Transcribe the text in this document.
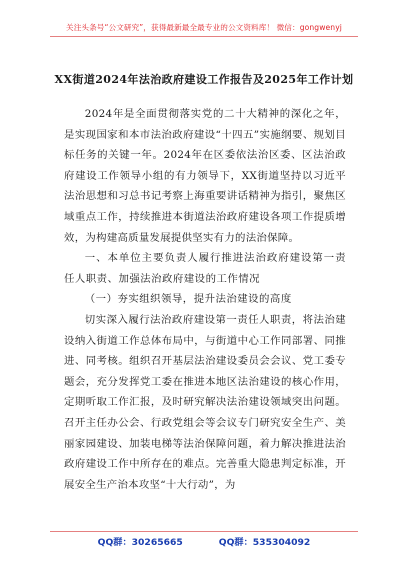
关注头条号“公文研究”，获得最新最全最专业的公文资料库！ 微信：gongwenyj
XX街道2024年法治政府建设工作报告及2025年工作计划

2024年是全面贯彻落实党的二十大精神的深化之年，是实现国家和本市法治政府建设“十四五”实施纲要、规划目标任务的关键一年。2024年在区委依法治区委、区法治政府建设工作领导小组的有力领导下，XX街道坚持以习近平法治思想和习总书记考察上海重要讲话精神为指引，聚焦区域重点工作，持续推进本街道法治政府建设各项工作提质增效，为构建高质量发展提供坚实有力的法治保障。

一、本单位主要负责人履行推进法治政府建设第一责任人职责、加强法治政府建设的工作情况

（一）夯实组织领导，提升法治建设的高度

切实深入履行法治政府建设第一责任人职责，将法治建设纳入街道工作总体布局中，与街道中心工作同部署、同推进、同考核。组织召开基层法治建设委员会会议、党工委专题会，充分发挥党工委在推进本地区法治建设的核心作用，定期听取工作汇报，及时研究解决法治建设领域突出问题。召开主任办公会、行政党组会等会议专门研究安全生产、美丽家园建设、加装电梯等法治保障问题，着力解决推进法治政府建设工作中所存在的难点。完善重大隐患判定标准，开展安全生产治本攻坚“十大行动”，为

QQ群：30265665	QQ群：535304092
